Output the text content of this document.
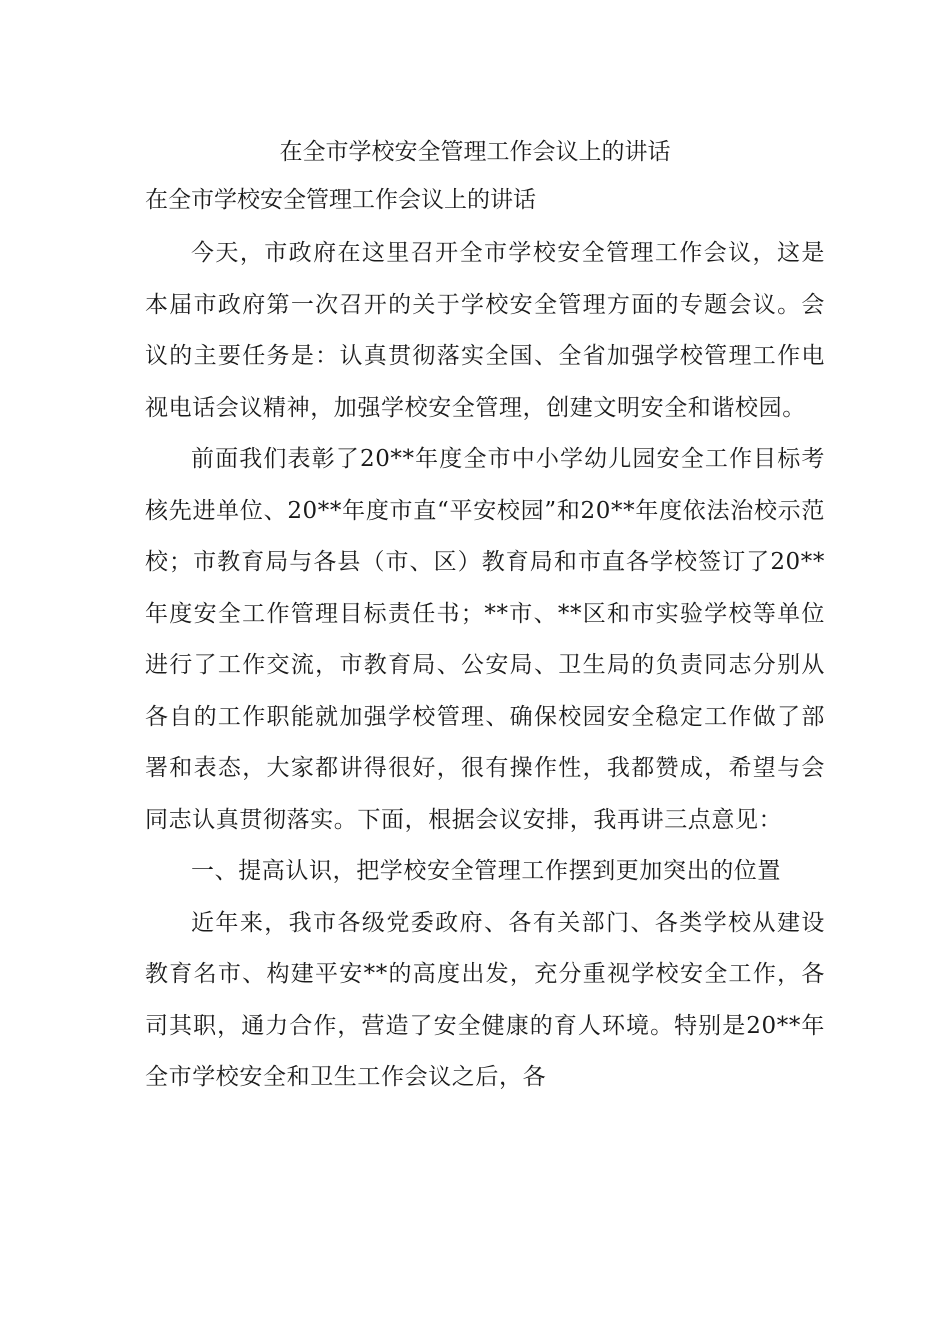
在全市学校安全管理工作会议上的讲话
在全市学校安全管理工作会议上的讲话

今天，市政府在这里召开全市学校安全管理工作会议，这是本届市政府第一次召开的关于学校安全管理方面的专题会议。会议的主要任务是：认真贯彻落实全国、全省加强学校管理工作电视电话会议精神，加强学校安全管理，创建文明安全和谐校园。

前面我们表彰了20**年度全市中小学幼儿园安全工作目标考核先进单位、20**年度市直“平安校园”和20**年度依法治校示范校；市教育局与各县（市、区）教育局和市直各学校签订了20**年度安全工作管理目标责任书；**市、**区和市实验学校等单位进行了工作交流，市教育局、公安局、卫生局的负责同志分别从各自的工作职能就加强学校管理、确保校园安全稳定工作做了部署和表态，大家都讲得很好，很有操作性，我都赞成，希望与会同志认真贯彻落实。下面，根据会议安排，我再讲三点意见：

一、提高认识，把学校安全管理工作摆到更加突出的位置

近年来，我市各级党委政府、各有关部门、各类学校从建设教育名市、构建平安**的高度出发，充分重视学校安全工作，各司其职，通力合作，营造了安全健康的育人环境。特别是20**年全市学校安全和卫生工作会议之后，各
